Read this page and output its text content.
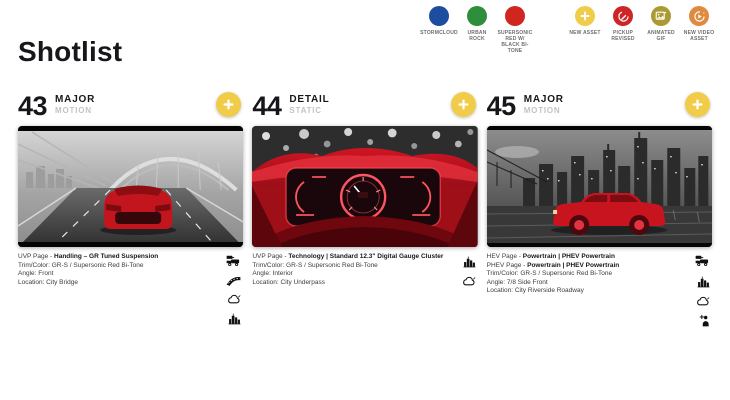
STORMCLOUD	URBAN ROCK
SUPERSONIC RED W/ BLACK BI-TONE
NEW ASSET	PICKUP REVISED
ANIMATED GIF
NEW VIDEO ASSET
Shotlist
43 MAJOR
MOTION
UVP Page - Handling – GR Tuned Suspension
Trim/Color: GR-S / Supersonic Red Bi-Tone
Angle: Front
Location: City Bridge
44 DETAIL
STATIC
UVP Page - Technology | Standard 12.3" Digital Gauge Cluster
Trim/Color: GR-S / Supersonic Red Bi-Tone
Angle: Interior
Location: City Underpass
45 MAJOR
MOTION
HEV Page - Powertrain | PHEV Powertrain
PHEV Page - Powertrain | PHEV Powertrain
Trim/Color: GR-S / Supersonic Red Bi-Tone
Angle: 7/8 Side Front
Location: City Riverside Roadway
